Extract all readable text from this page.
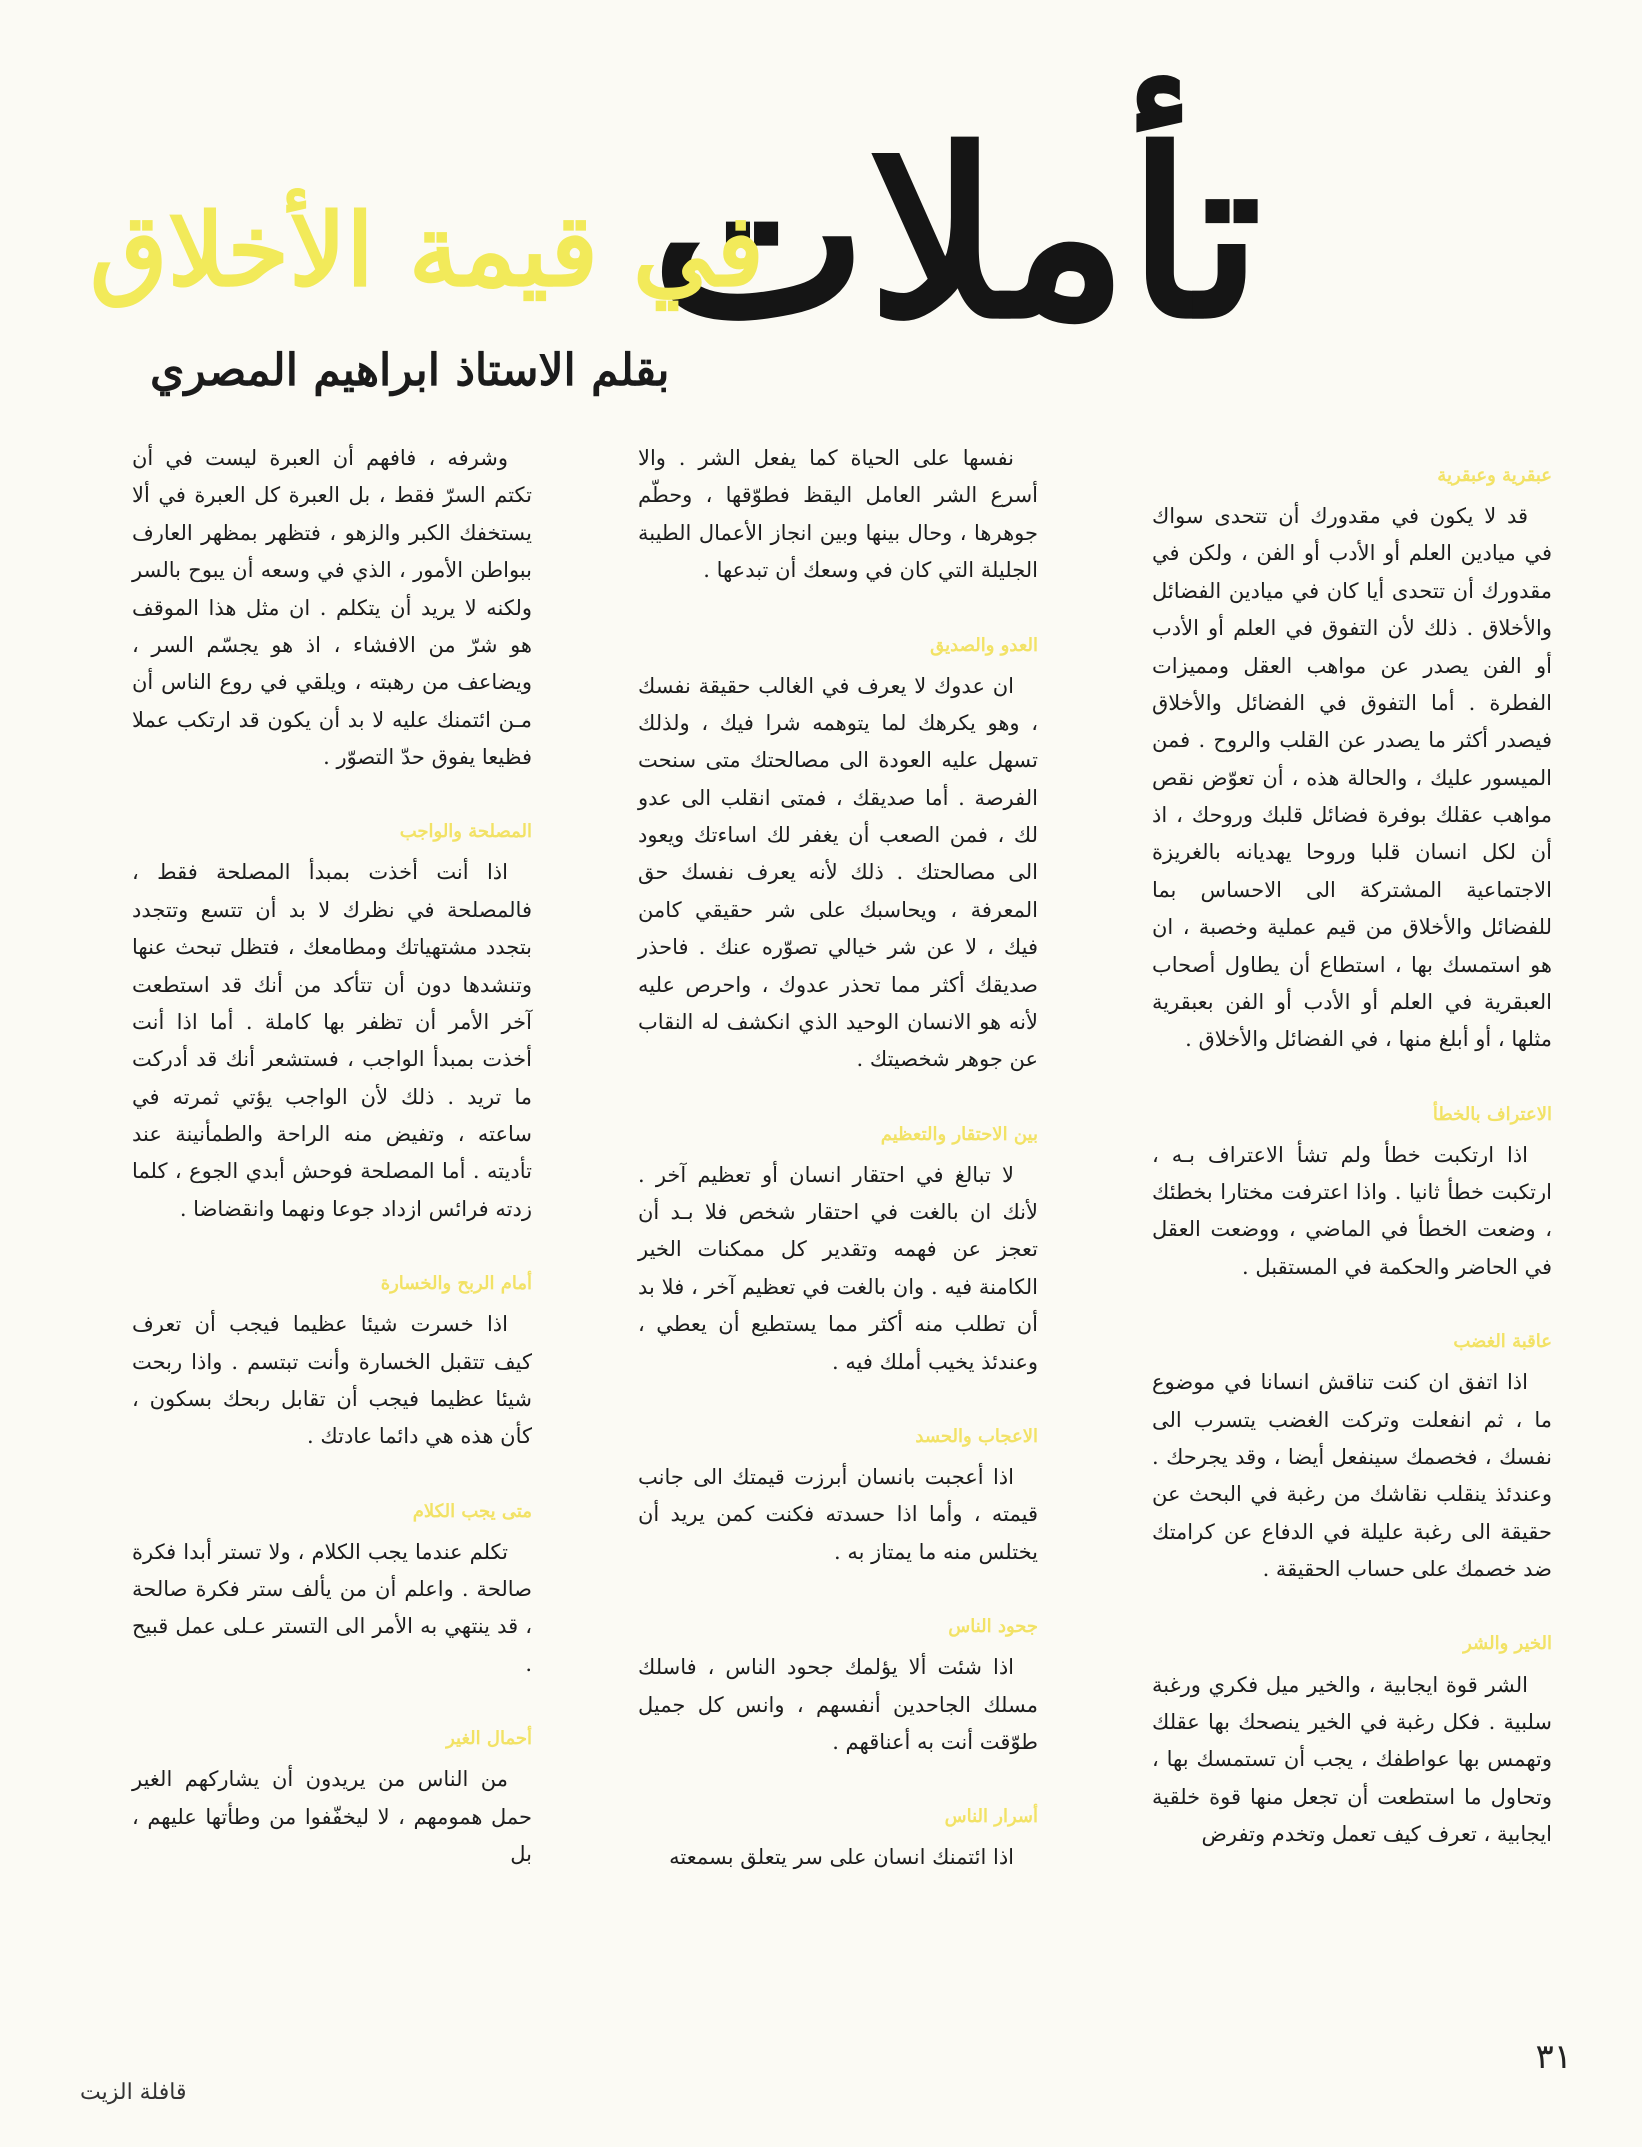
تأملات
في قيمة الأخلاق
بقلم الاستاذ ابراهيم المصري
عبقرية وعبقرية
قد لا يكون في مقدورك أن تتحدى سواك في ميادين العلم أو الأدب أو الفن ، ولكن في مقدورك أن تتحدى أيا كان في ميادين الفضائل والأخلاق . ذلك لأن التفوق في العلم أو الأدب أو الفن يصدر عن مواهب العقل ومميزات الفطرة . أما التفوق في الفضائل والأخلاق فيصدر أكثر ما يصدر عن القلب والروح . فمن الميسور عليك ، والحالة هذه ، أن تعوّض نقص مواهب عقلك بوفرة فضائل قلبك وروحك ، اذ أن لكل انسان قلبا وروحا يهديانه بالغريزة الاجتماعية المشتركة الى الاحساس بما للفضائل والأخلاق من قيم عملية وخصبة ، ان هو استمسك بها ، استطاع أن يطاول أصحاب العبقرية في العلم أو الأدب أو الفن بعبقرية مثلها ، أو أبلغ منها ، في الفضائل والأخلاق .
الاعتراف بالخطأ
اذا ارتكبت خطأ ولم تشأ الاعتراف بـه ، ارتكبت خطأ ثانيا . واذا اعترفت مختارا بخطئك ، وضعت الخطأ في الماضي ، ووضعت العقل في الحاضر والحكمة في المستقبل .
عاقبة الغضب
اذا اتفق ان كنت تناقش انسانا في موضوع ما ، ثم انفعلت وتركت الغضب يتسرب الى نفسك ، فخصمك سينفعل أيضا ، وقد يجرحك . وعندئذ ينقلب نقاشك من رغبة في البحث عن حقيقة الى رغبة عليلة في الدفاع عن كرامتك ضد خصمك على حساب الحقيقة .
الخير والشر
الشر قوة ايجابية ، والخير ميل فكري ورغبة سلبية . فكل رغبة في الخير ينصحك بها عقلك وتهمس بها عواطفك ، يجب أن تستمسك بها ، وتحاول ما استطعت أن تجعل منها قوة خلقية ايجابية ، تعرف كيف تعمل وتخدم وتفرض
نفسها على الحياة كما يفعل الشر . والا أسرع الشر العامل اليقظ فطوّقها ، وحطّم جوهرها ، وحال بينها وبين انجاز الأعمال الطيبة الجليلة التي كان في وسعك أن تبدعها .
العدو والصديق
ان عدوك لا يعرف في الغالب حقيقة نفسك ، وهو يكرهك لما يتوهمه شرا فيك ، ولذلك تسهل عليه العودة الى مصالحتك متى سنحت الفرصة . أما صديقك ، فمتى انقلب الى عدو لك ، فمن الصعب أن يغفر لك اساءتك ويعود الى مصالحتك . ذلك لأنه يعرف نفسك حق المعرفة ، ويحاسبك على شر حقيقي كامن فيك ، لا عن شر خيالي تصوّره عنك . فاحذر صديقك أكثر مما تحذر عدوك ، واحرص عليه لأنه هو الانسان الوحيد الذي انكشف له النقاب عن جوهر شخصيتك .
بين الاحتقار والتعظيم
لا تبالغ في احتقار انسان أو تعظيم آخر . لأنك ان بالغت في احتقار شخص فلا بـد أن تعجز عن فهمه وتقدير كل ممكنات الخير الكامنة فيه . وان بالغت في تعظيم آخر ، فلا بد أن تطلب منه أكثر مما يستطيع أن يعطي ، وعندئذ يخيب أملك فيه .
الاعجاب والحسد
اذا أعجبت بانسان أبرزت قيمتك الى جانب قيمته ، وأما اذا حسدته فكنت كمن يريد أن يختلس منه ما يمتاز به .
جحود الناس
اذا شئت ألا يؤلمك جحود الناس ، فاسلك مسلك الجاحدين أنفسهم ، وانس كل جميل طوّقت أنت به أعناقهم .
أسرار الناس
اذا ائتمنك انسان على سر يتعلق بسمعته
وشرفه ، فافهم أن العبرة ليست في أن تكتم السرّ فقط ، بل العبرة كل العبرة في ألا يستخفك الكبر والزهو ، فتظهر بمظهر العارف ببواطن الأمور ، الذي في وسعه أن يبوح بالسر ولكنه لا يريد أن يتكلم . ان مثل هذا الموقف هو شرّ من الافشاء ، اذ هو يجسّم السر ، ويضاعف من رهبته ، ويلقي في روع الناس أن مـن ائتمنك عليه لا بد أن يكون قد ارتكب عملا فظيعا يفوق حدّ التصوّر .
المصلحة والواجب
اذا أنت أخذت بمبدأ المصلحة فقط ، فالمصلحة في نظرك لا بد أن تتسع وتتجدد بتجدد مشتهياتك ومطامعك ، فتظل تبحث عنها وتنشدها دون أن تتأكد من أنك قد استطعت آخر الأمر أن تظفر بها كاملة . أما اذا أنت أخذت بمبدأ الواجب ، فستشعر أنك قد أدركت ما تريد . ذلك لأن الواجب يؤتي ثمرته في ساعته ، وتفيض منه الراحة والطمأنينة عند تأديته . أما المصلحة فوحش أبدي الجوع ، كلما زدته فرائس ازداد جوعا ونهما وانقضاضا .
أمام الربح والخسارة
اذا خسرت شيئا عظيما فيجب أن تعرف كيف تتقبل الخسارة وأنت تبتسم . واذا ربحت شيئا عظيما فيجب أن تقابل ربحك بسكون ، كأن هذه هي دائما عادتك .
متى يجب الكلام
تكلم عندما يجب الكلام ، ولا تستر أبدا فكرة صالحة . واعلم أن من يألف ستر فكرة صالحة ، قد ينتهي به الأمر الى التستر عـلى عمل قبيح .
أحمال الغير
من الناس من يريدون أن يشاركهم الغير حمل همومهم ، لا ليخفّفوا من وطأتها عليهم ، بل
٣١
قافلة الزيت
